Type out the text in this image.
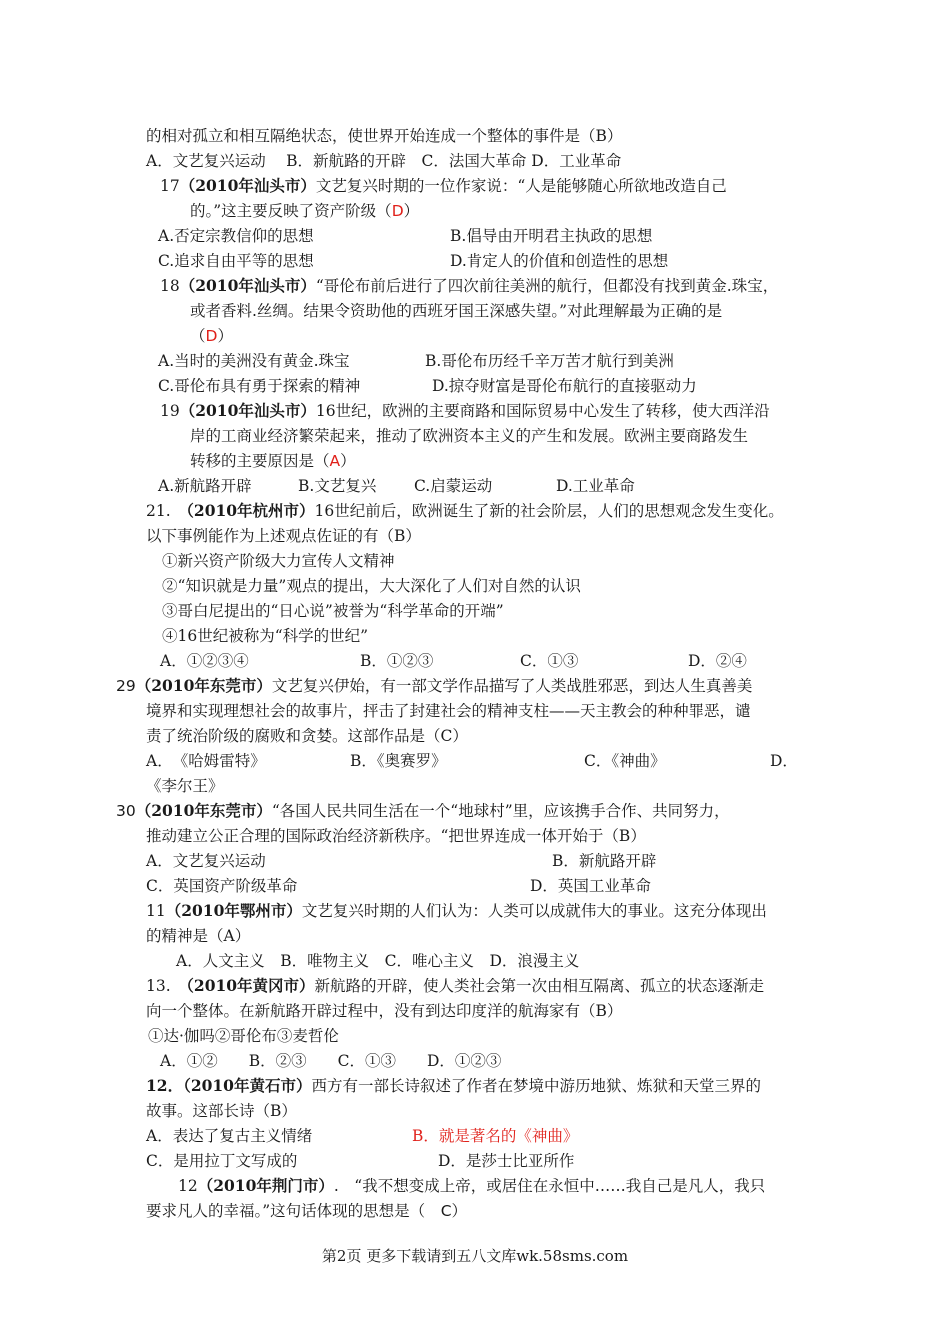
的相对孤立和相互隔绝状态，使世界开始连成一个整体的事件是（B）
A．文艺复兴运动　 B．新航路的开辟　C．法国大革命 D．工业革命
17（2010年汕头市）文艺复兴时期的一位作家说：“人是能够随心所欲地改造自己
的。”这主要反映了资产阶级（D）
A.否定宗教信仰的思想	B.倡导由开明君主执政的思想
C.追求自由平等的思想	D.肯定人的价值和创造性的思想
18（2010年汕头市）“哥伦布前后进行了四次前往美洲的航行，但都没有找到黄金.珠宝，
或者香料.丝绸。结果令资助他的西班牙国王深感失望。”对此理解最为正确的是
（D）
A.当时的美洲没有黄金.珠宝	B.哥伦布历经千辛万苦才航行到美洲
C.哥伦布具有勇于探索的精神	D.掠夺财富是哥伦布航行的直接驱动力
19（2010年汕头市）16世纪，欧洲的主要商路和国际贸易中心发生了转移，使大西洋沿
岸的工商业经济繁荣起来，推动了欧洲资本主义的产生和发展。欧洲主要商路发生
转移的主要原因是（A）
A.新航路开辟	B.文艺复兴 C.启蒙运动	D.工业革命
21.　（2010年杭州市）16世纪前后，欧洲诞生了新的社会阶层，人们的思想观念发生变化。
以下事例能作为上述观点佐证的有（B）
①新兴资产阶级大力宣传人文精神
②“知识就是力量”观点的提出，大大深化了人们对自然的认识
③哥白尼提出的“日心说”被誉为“科学革命的开端”
④16世纪被称为“科学的世纪”
A．①②③④	B．①②③	C．①③	D．②④
29（2010年东莞市）文艺复兴伊始，有一部文学作品描写了人类战胜邪恶，到达人生真善美
境界和实现理想社会的故事片，抨击了封建社会的精神支柱——天主教会的种种罪恶，谴
责了统治阶级的腐败和贪婪。这部作品是（C）
A．　《哈姆雷特》	B．《奥赛罗》	C．《神曲》	D．
《李尔王》
30（2010年东莞市）“各国人民共同生活在一个“地球村”里，应该携手合作、共同努力，
推动建立公正合理的国际政治经济新秩序。“把世界连成一体开始于（B）
A．文艺复兴运动	B．新航路开辟
C．英国资产阶级革命	D．英国工业革命
11（2010年鄂州市）文艺复兴时期的人们认为：人类可以成就伟大的事业。这充分体现出
的精神是（A）
A．人文主义　B．唯物主义　C．唯心主义　D．浪漫主义
13.　（2010年黄冈市）新航路的开辟，使人类社会第一次由相互隔离、孤立的状态逐渐走
向一个整体。在新航路开辟过程中，没有到达印度洋的航海家有（B）
①达·伽吗②哥伦布③麦哲伦
A．①②　　B．②③　　C．①③　　D．①②③
12．（2010年黄石市）西方有一部长诗叙述了作者在梦境中游历地狱、炼狱和天堂三界的
故事。这部长诗（B）
A．表达了复古主义情绪	B．就是著名的《神曲》
C．是用拉丁文写成的	D．是莎士比亚所作
12（2010年荆门市）.　“我不想变成上帝，或居住在永恒中……我自己是凡人，我只
要求凡人的幸福。”这句话体现的思想是（　C）
第2页 更多下载请到五八文库wk.58sms.com
